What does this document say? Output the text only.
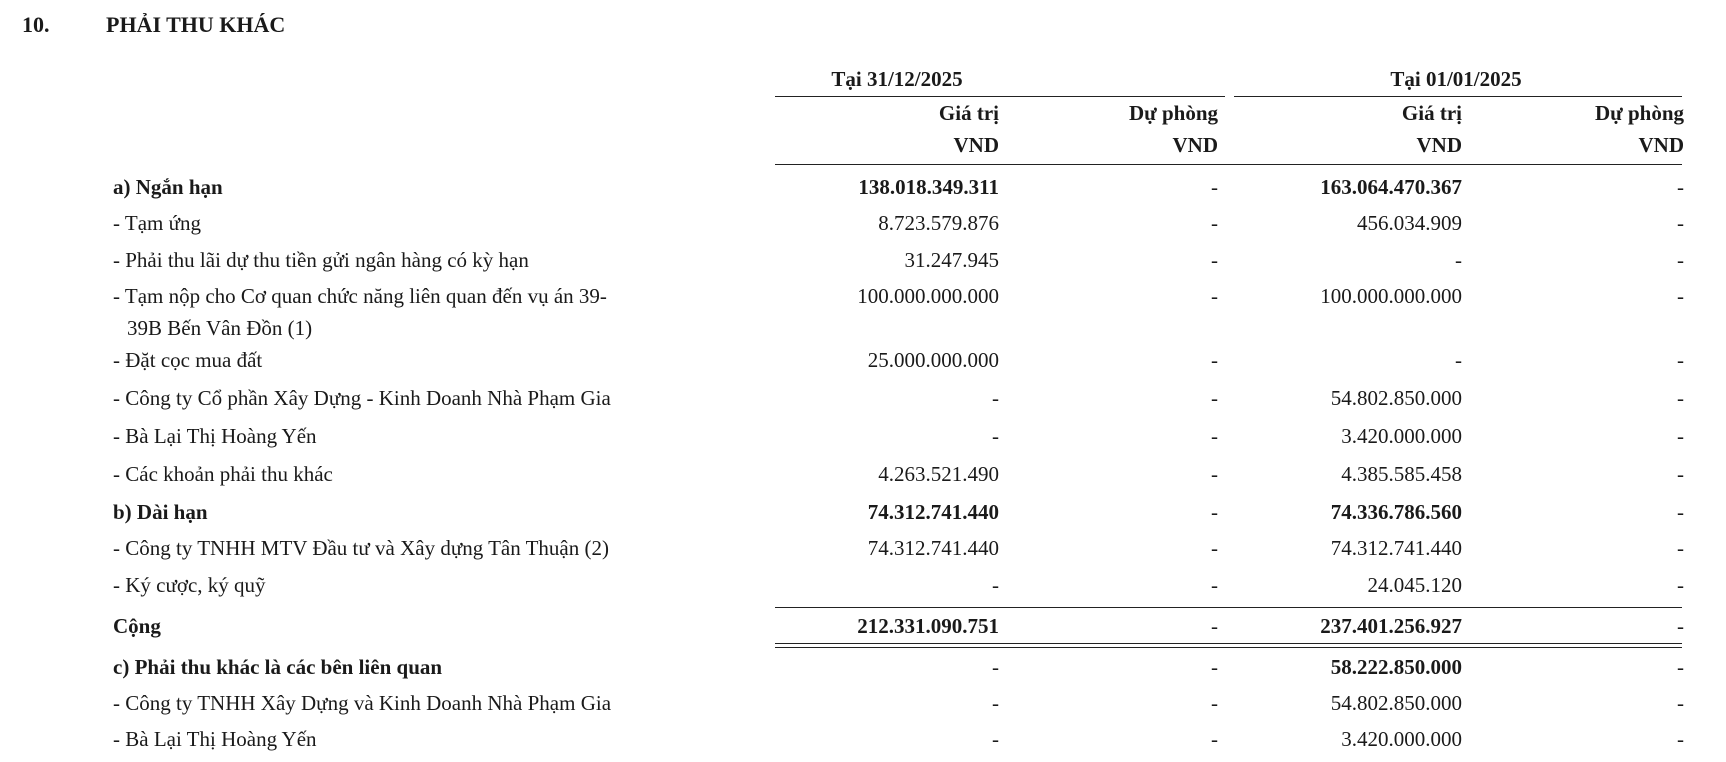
10.	PHẢI THU KHÁC
Tại 31/12/2025	Tại 01/01/2025
Giá trị	Dự phòng	Giá trị	Dự phòng
VND	VND	VND	VND
a) Ngắn hạn	138.018.349.311	-	163.064.470.367	-
- Tạm ứng	8.723.579.876	-	456.034.909	-
- Phải thu lãi dự thu tiền gửi ngân hàng có kỳ hạn	31.247.945	-	-	-
- Tạm nộp cho Cơ quan chức năng liên quan đến vụ án 39-
39B Bến Vân Đồn (1)
100.000.000.000	-	100.000.000.000	-
- Đặt cọc mua đất	25.000.000.000	-	-	-
- Công ty Cổ phần Xây Dựng - Kinh Doanh Nhà Phạm Gia	-	-	54.802.850.000	-
- Bà Lại Thị Hoàng Yến	-	-	3.420.000.000	-
- Các khoản phải thu khác	4.263.521.490	-	4.385.585.458	-
b) Dài hạn	74.312.741.440	-	74.336.786.560	-
- Công ty TNHH MTV Đầu tư và Xây dựng Tân Thuận (2)	74.312.741.440	-	74.312.741.440	-
- Ký cược, ký quỹ	-	-	24.045.120	-
Cộng	212.331.090.751	-	237.401.256.927	-
c) Phải thu khác là các bên liên quan	-	-	58.222.850.000	-
- Công ty TNHH Xây Dựng và Kinh Doanh Nhà Phạm Gia	-	-	54.802.850.000	-
- Bà Lại Thị Hoàng Yến	-	-	3.420.000.000	-
